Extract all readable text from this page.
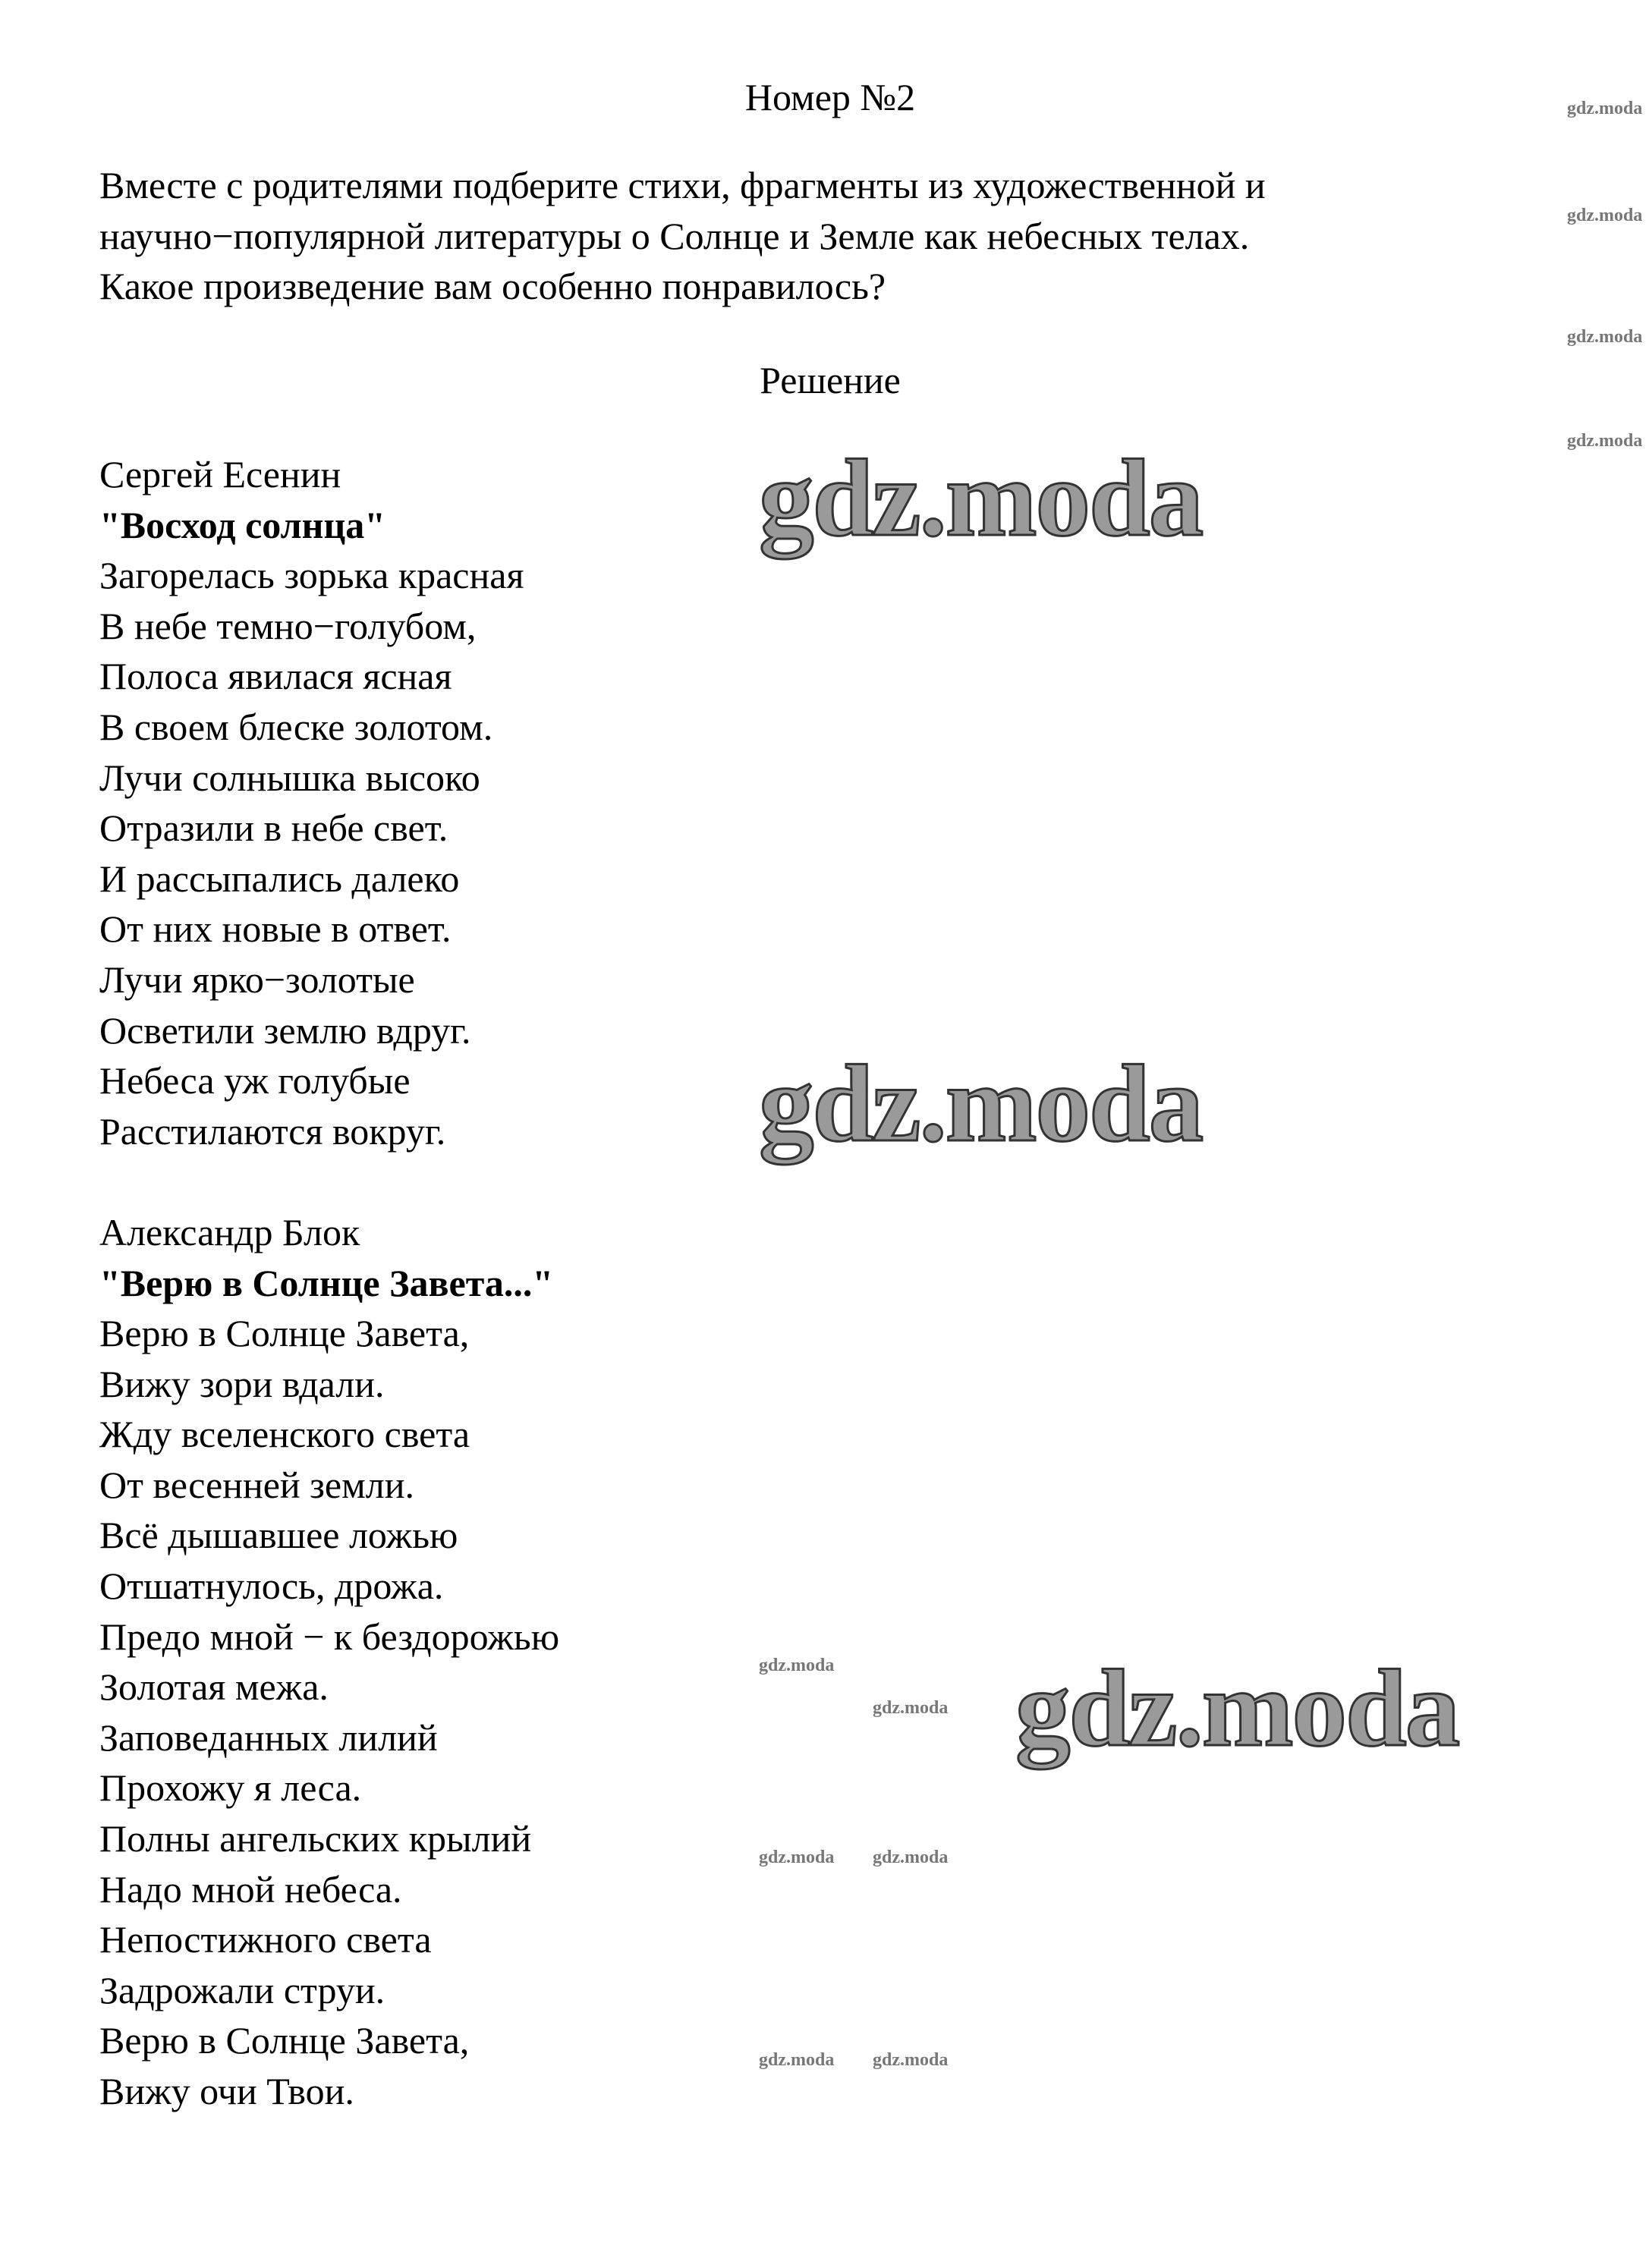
Номер №2
Вместе с родителями подберите стихи, фрагменты из художественной и
научно−популярной литературы о Солнце и Земле как небесных телах.
Какое произведение вам особенно понравилось?
Решение
Сергей Есенин
"Восход солнца"
Загорелась зорька красная
В небе темно−голубом,
Полоса явилася ясная
В своем блеске золотом.
Лучи солнышка высоко
Отразили в небе свет.
И рассыпались далеко
От них новые в ответ.
Лучи ярко−золотые
Осветили землю вдруг.
Небеса уж голубые
Расстилаются вокруг.
Александр Блок
"Верю в Солнце Завета..."
Верю в Солнце Завета,
Вижу зори вдали.
Жду вселенского света
От весенней земли.
Всё дышавшее ложью
Отшатнулось, дрожа.
Предо мной − к бездорожью
Золотая межа.
Заповеданных лилий
Прохожу я леса.
Полны ангельских крылий
Надо мной небеса.
Непостижного света
Задрожали струи.
Верю в Солнце Завета,
Вижу очи Твои.
gdz.moda
gdz.moda
gdz.moda
gdz.moda
gdz.moda
gdz.moda
gdz.moda
gdz.moda
gdz.moda
gdz.moda gdz.moda
gdz.moda gdz.moda
